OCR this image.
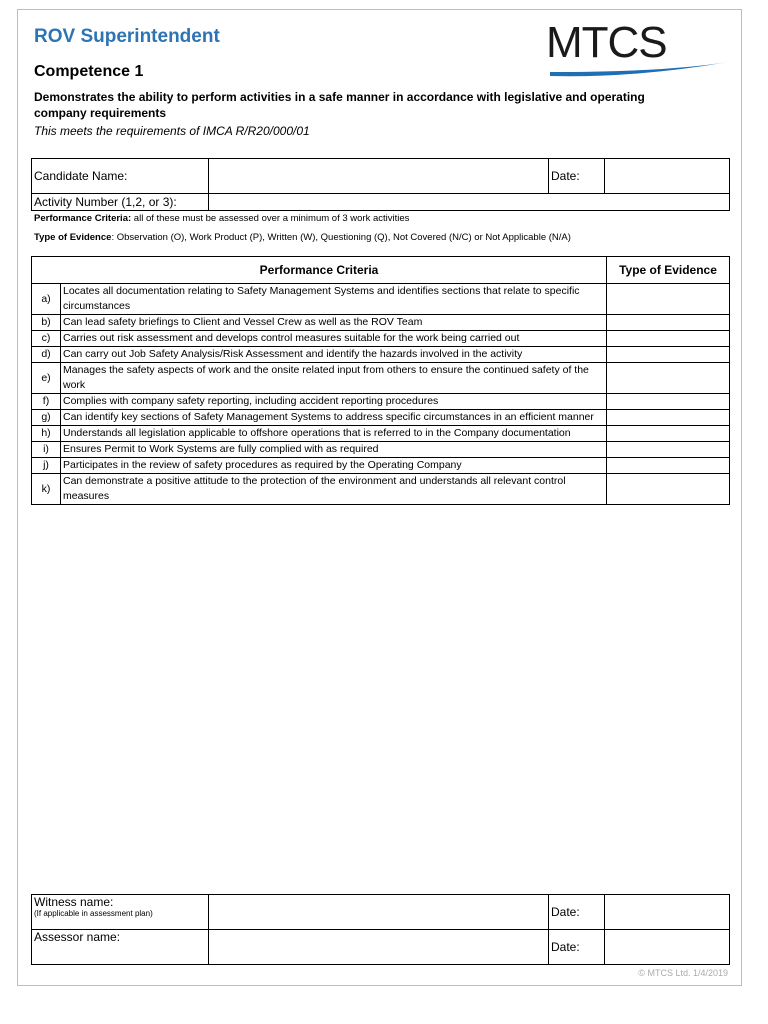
ROV Superintendent
Competence 1
Demonstrates the ability to perform activities in a safe manner in accordance with legislative and operating company requirements
This meets the requirements of IMCA R/R20/000/01
MTCS
Candidate Name:		Date:	
Activity Number (1,2, or 3):			
Performance Criteria: all of these must be assessed over a minimum of 3 work activities
Type of Evidence: Observation (O), Work Product (P), Written (W), Questioning (Q), Not Covered (N/C) or Not Applicable (N/A)
Performance Criteria		Type of Evidence
a)	Locates all documentation relating to Safety Management Systems and identifies sections that relate to specific circumstances	
b)	Can lead safety briefings to Client and Vessel Crew as well as the ROV Team	
c)	Carries out risk assessment and develops control measures suitable for the work being carried out	
d)	Can carry out Job Safety Analysis/Risk Assessment and identify the hazards involved in the activity	
e)	Manages the safety aspects of work and the onsite related input from others to ensure the continued safety of the work	
f)	Complies with company safety reporting, including accident reporting procedures	
g)	Can identify key sections of Safety Management Systems to address specific circumstances in an efficient manner	
h)	Understands all legislation applicable to offshore operations that is referred to in the Company documentation	
i)	Ensures Permit to Work Systems are fully complied with as required	
j)	Participates in the review of safety procedures as required by the Operating Company	
k)	Can demonstrate a positive attitude to the protection of the environment and understands all relevant control measures	
Witness name:
(If applicable in assessment plan)		Date:	
Assessor name:		Date:	
© MTCS Ltd. 1/4/2019
